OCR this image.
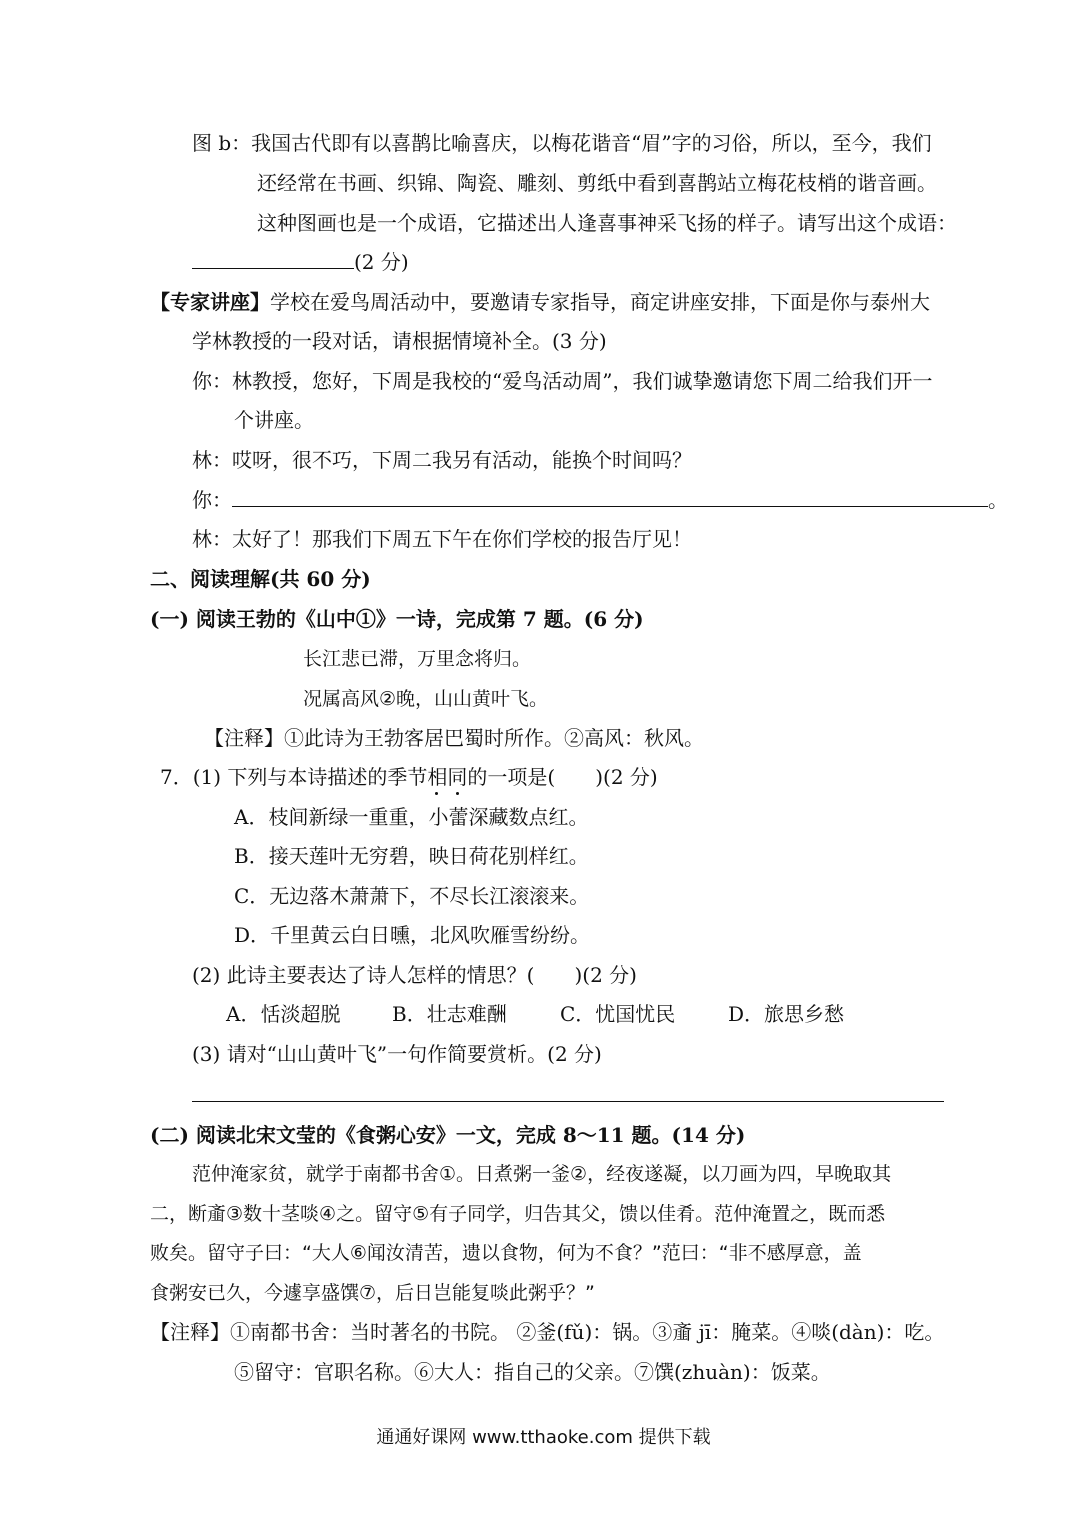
图 b：我国古代即有以喜鹊比喻喜庆，以梅花谐音“眉”字的习俗，所以，至今，我们
还经常在书画、织锦、陶瓷、雕刻、剪纸中看到喜鹊站立梅花枝梢的谐音画。
这种图画也是一个成语，它描述出人逢喜事神采飞扬的样子。请写出这个成语：
(2 分)
【专家讲座】学校在爱鸟周活动中，要邀请专家指导，商定讲座安排，下面是你与泰州大
学林教授的一段对话，请根据情境补全。(3 分)
你：林教授，您好，下周是我校的“爱鸟活动周”，我们诚挚邀请您下周二给我们开一
个讲座。
林：哎呀，很不巧，下周二我另有活动，能换个时间吗？
你：	。
林：太好了！那我们下周五下午在你们学校的报告厅见！
二、阅读理解(共 60 分)
(一) 阅读王勃的《山中①》一诗，完成第 7 题。(6 分)
长江悲已滞，万里念将归。
况属高风②晚，山山黄叶飞。
【注释】①此诗为王勃客居巴蜀时所作。②高风：秋风。
7．(1) 下列与本诗描述的季节相同
的一项是(　　)(2 分)
A．枝间新绿一重重，小蕾深藏数点红。
B．接天莲叶无穷碧，映日荷花别样红。
C．无边落木萧萧下，不尽长江滚滚来。
D．千里黄云白日曛，北风吹雁雪纷纷。
(2) 此诗主要表达了诗人怎样的情思？(　　)(2 分)
A．恬淡超脱	B．壮志难酬	C．忧国忧民	D．旅思乡愁
(3) 请对“山山黄叶飞”一句作简要赏析。(2 分)
(二) 阅读北宋文莹的《食粥心安》一文，完成 8～11 题。(14 分)
范仲淹家贫，就学于南都书舍①。日煮粥一釜②，经夜遂凝，以刀画为四，早晚取其
二，断齑③数十茎啖④之。留守⑤有子同学，归告其父，馈以佳肴。范仲淹置之，既而悉
败矣。留守子曰：“大人⑥闻汝清苦，遗以食物，何为不食？”范曰：“非不感厚意，盖
食粥安已久，今遽享盛馔⑦，后日岂能复啖此粥乎？”
【注释】①南都书舍：当时著名的书院。 ②釜(fǔ)：锅。③齑 jī：腌菜。④啖(dàn)：吃。
⑤留守：官职名称。⑥大人：指自己的父亲。⑦馔(zhuàn)：饭菜。
通通好课网 www.tthaoke.com 提供下载
